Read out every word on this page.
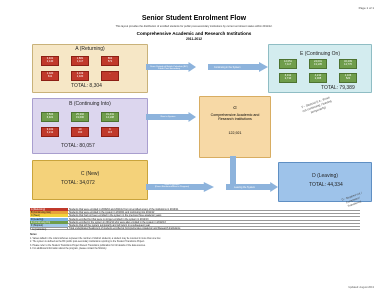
Page 1 of 1
Senior Student Enrolment Flow
This layout provides the distribution of enrolled students for public post-secondary institutions by current enrolment status within 2011/12.
Comprehensive Academic and Research Institutions
2011-2012
A (Returning)
3,401
2,140
1,881
1,117
893
572
1,020
641
2,109
1,320
...
TOTAL: 8,304
E (Continuing On)
12,051
7,117
24,001
13,105
32,209
14,770
6,012
2,710
4,210
2,008
1,106
520
TOTAL: 79,389
From Outside of British Columbia (BC) Public Post-Secondary	Continuing in the System
F - Stopout (i.e., those not continuing / leaving temporarily)
B (Continuing Into)
7,504
6,921
25,302
19,600
31,441
14,108
9,102
3,212
10
160
6
115
TOTAL: 80,057
New to System
G
Comprehensive Academic and Research Institutions
122,921
C (New)
TOTAL: 34,072	New to System
(Direct Enrolment/New to Program)	Leaving the System
D (Leaving)
TOTAL: 44,334
D - Stopped out / Completed / Transferred
A (Returning)	Students that were enrolled in 2009/10 and 2011/12 but not enrolled at any of the institutions in 2010/11
B (Continuing Into)	Students that were enrolled in the system in 2010/11 and continuing into 2011/12
C (New)	Students that had not been enrolled in the system in the previous three academic years
D (Leaving)	Students enrolled but that were no longer enrolled in the system in 2012/13
E (Continuing On)	Students enrolled in the system in 2011/12 who were also enrolled in the system in 2012/13
F (Stopout)	Students that left the system temporarily and will return in a subsequent year
G (Institution)	Total unduplicated headcount of students enrolled at Comprehensive Academic and Research Institutions
Notes:
1. Values tallied in the columns/boxes represent the number of distinct students; a student may be counted in more than one box.
2. The system is defined as the BC public post-secondary institutions reporting to the Student Transitions Project.
3. Please refer to the Student Transitions Project Recent Transitions publication for full details of the data sources.
4. For additional information about the program, please contact the Ministry.
Updated: August 2013
